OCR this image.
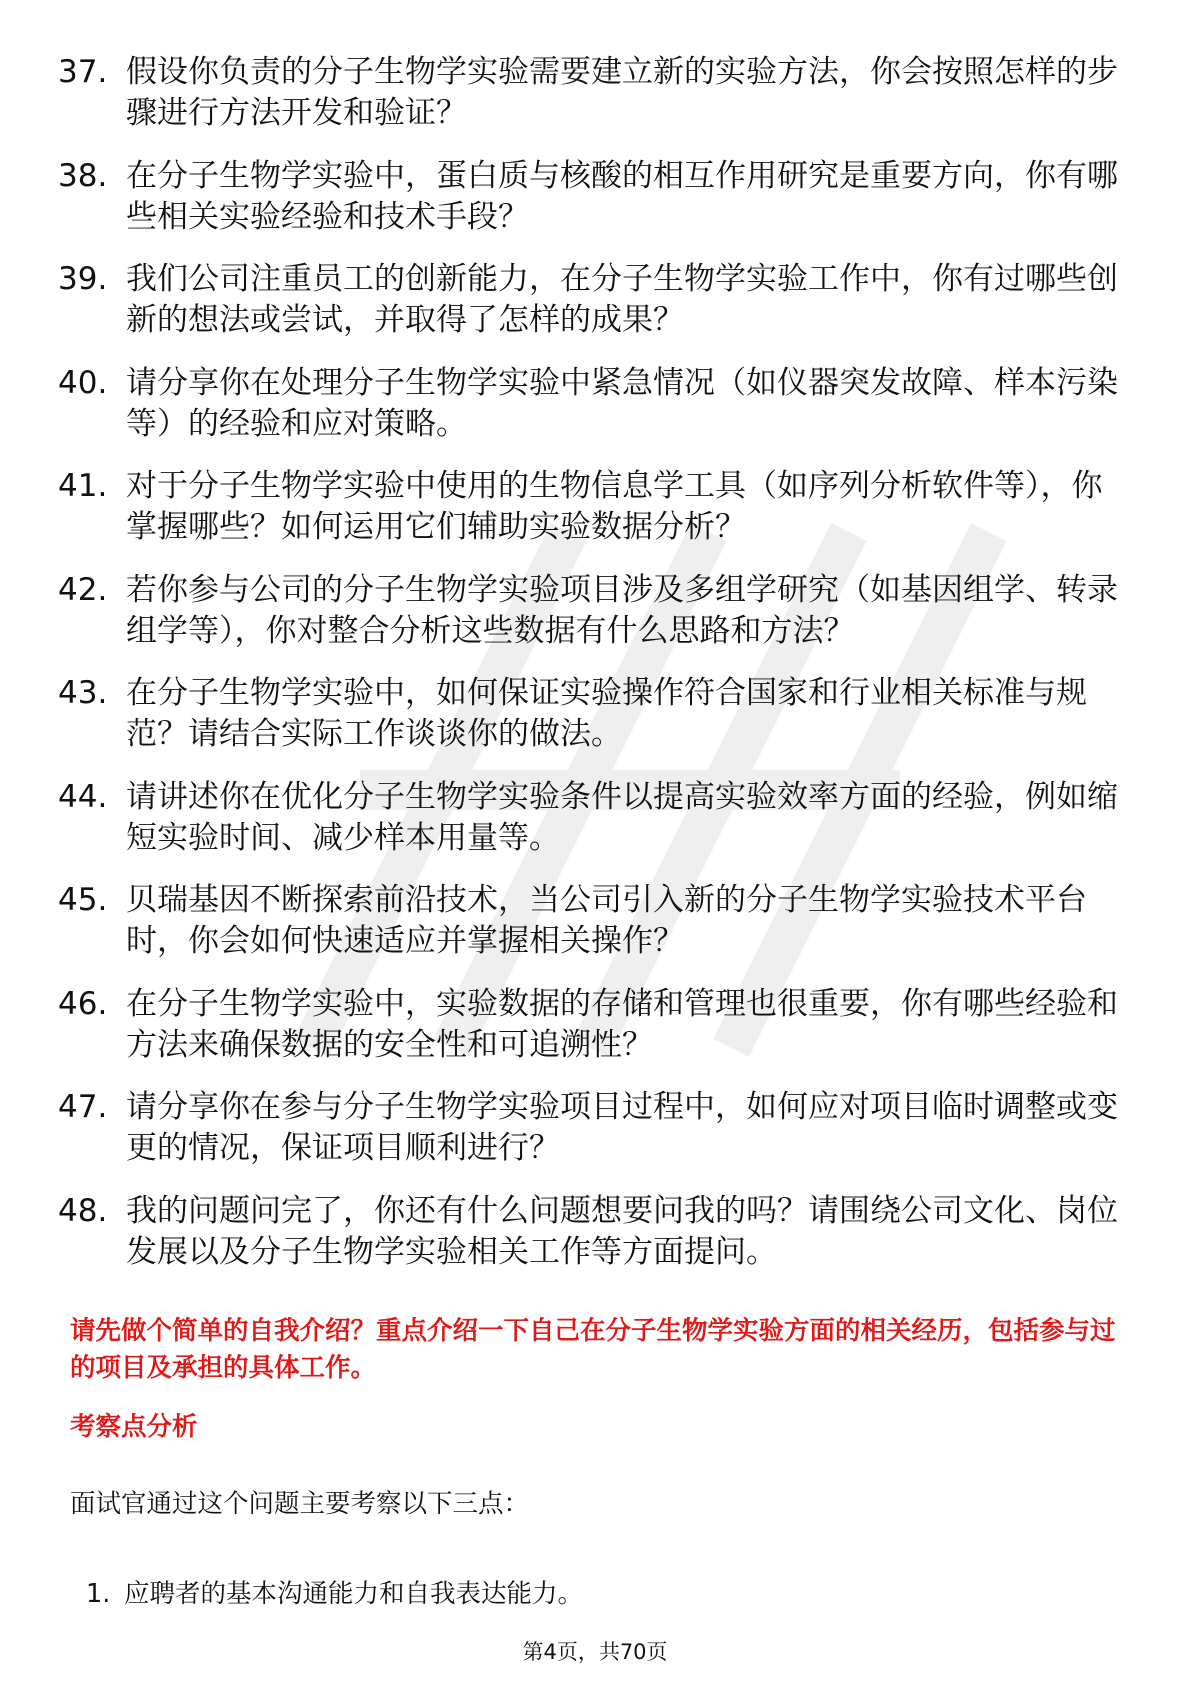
37. 假设你负责的分子生物学实验需要建立新的实验方法，你会按照怎样的步骤进行方法开发和验证？
38. 在分子生物学实验中，蛋白质与核酸的相互作用研究是重要方向，你有哪些相关实验经验和技术手段？
39. 我们公司注重员工的创新能力，在分子生物学实验工作中，你有过哪些创新的想法或尝试，并取得了怎样的成果？
40. 请分享你在处理分子生物学实验中紧急情况（如仪器突发故障、样本污染等）的经验和应对策略。
41. 对于分子生物学实验中使用的生物信息学工具（如序列分析软件等），你掌握哪些？如何运用它们辅助实验数据分析？
42. 若你参与公司的分子生物学实验项目涉及多组学研究（如基因组学、转录组学等），你对整合分析这些数据有什么思路和方法？
43. 在分子生物学实验中，如何保证实验操作符合国家和行业相关标准与规范？请结合实际工作谈谈你的做法。
44. 请讲述你在优化分子生物学实验条件以提高实验效率方面的经验，例如缩短实验时间、减少样本用量等。
45. 贝瑞基因不断探索前沿技术，当公司引入新的分子生物学实验技术平台时，你会如何快速适应并掌握相关操作？
46. 在分子生物学实验中，实验数据的存储和管理也很重要，你有哪些经验和方法来确保数据的安全性和可追溯性？
47. 请分享你在参与分子生物学实验项目过程中，如何应对项目临时调整或变更的情况，保证项目顺利进行？
48. 我的问题问完了，你还有什么问题想要问我的吗？请围绕公司文化、岗位发展以及分子生物学实验相关工作等方面提问。
请先做个简单的自我介绍？重点介绍一下自己在分子生物学实验方面的相关经历，包括参与过的项目及承担的具体工作。
考察点分析
面试官通过这个问题主要考察以下三点：
1. 应聘者的基本沟通能力和自我表达能力。
第4页，共70页
